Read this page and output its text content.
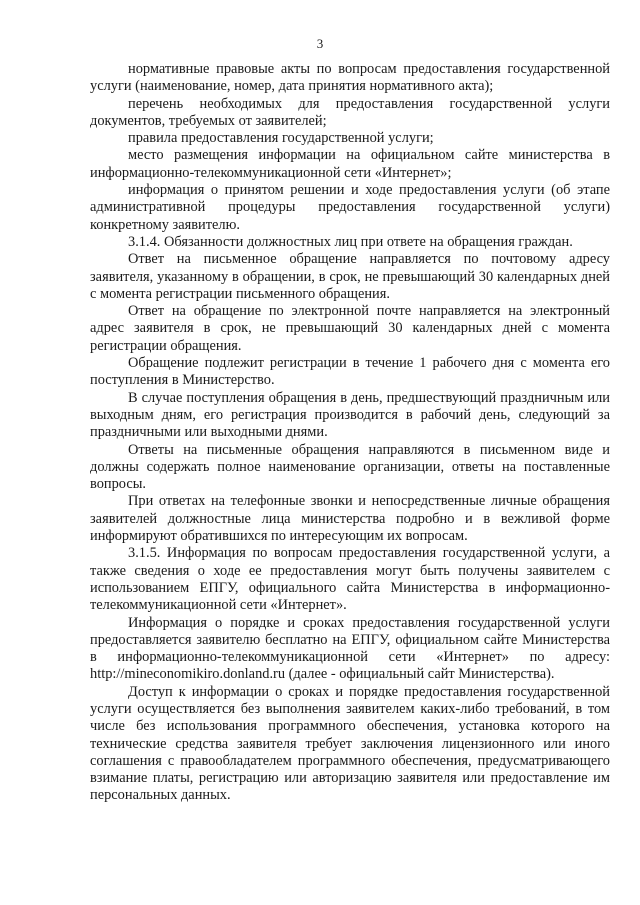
3

нормативные правовые акты по вопросам предоставления государственной услуги (наименование, номер, дата принятия нормативного акта);

перечень необходимых для предоставления государственной услуги документов, требуемых от заявителей;

правила предоставления государственной услуги;

место размещения информации на официальном сайте министерства в информационно-телекоммуникационной сети «Интернет»;

информация о принятом решении и ходе предоставления услуги (об этапе административной процедуры предоставления государственной услуги) конкретному заявителю.

3.1.4. Обязанности должностных лиц при ответе на обращения граждан.

Ответ на письменное обращение направляется по почтовому адресу заявителя, указанному в обращении, в срок, не превышающий 30 календарных дней с момента регистрации письменного обращения.

Ответ на обращение по электронной почте направляется на электронный адрес заявителя в срок, не превышающий 30 календарных дней с момента регистрации обращения.

Обращение подлежит регистрации в течение 1 рабочего дня с момента его поступления в Министерство.

В случае поступления обращения в день, предшествующий праздничным или выходным дням, его регистрация производится в рабочий день, следующий за праздничными или выходными днями.

Ответы на письменные обращения направляются в письменном виде и должны содержать полное наименование организации, ответы на поставленные вопросы.

При ответах на телефонные звонки и непосредственные личные обращения заявителей должностные лица министерства подробно и в вежливой форме информируют обратившихся по интересующим их вопросам.

3.1.5. Информация по вопросам предоставления государственной услуги, а также сведения о ходе ее предоставления могут быть получены заявителем с использованием ЕПГУ, официального сайта Министерства в информационно-телекоммуникационной сети «Интернет».

Информация о порядке и сроках предоставления государственной услуги предоставляется заявителю бесплатно на ЕПГУ, официальном сайте Министерства в информационно-телекоммуникационной сети «Интернет» по адресу: http://mineconomikiro.donland.ru (далее - официальный сайт Министерства).

Доступ к информации о сроках и порядке предоставления государственной услуги осуществляется без выполнения заявителем каких-либо требований, в том числе без использования программного обеспечения, установка которого на технические средства заявителя требует заключения лицензионного или иного соглашения с правообладателем программного обеспечения, предусматривающего взимание платы, регистрацию или авторизацию заявителя или предоставление им персональных данных.
